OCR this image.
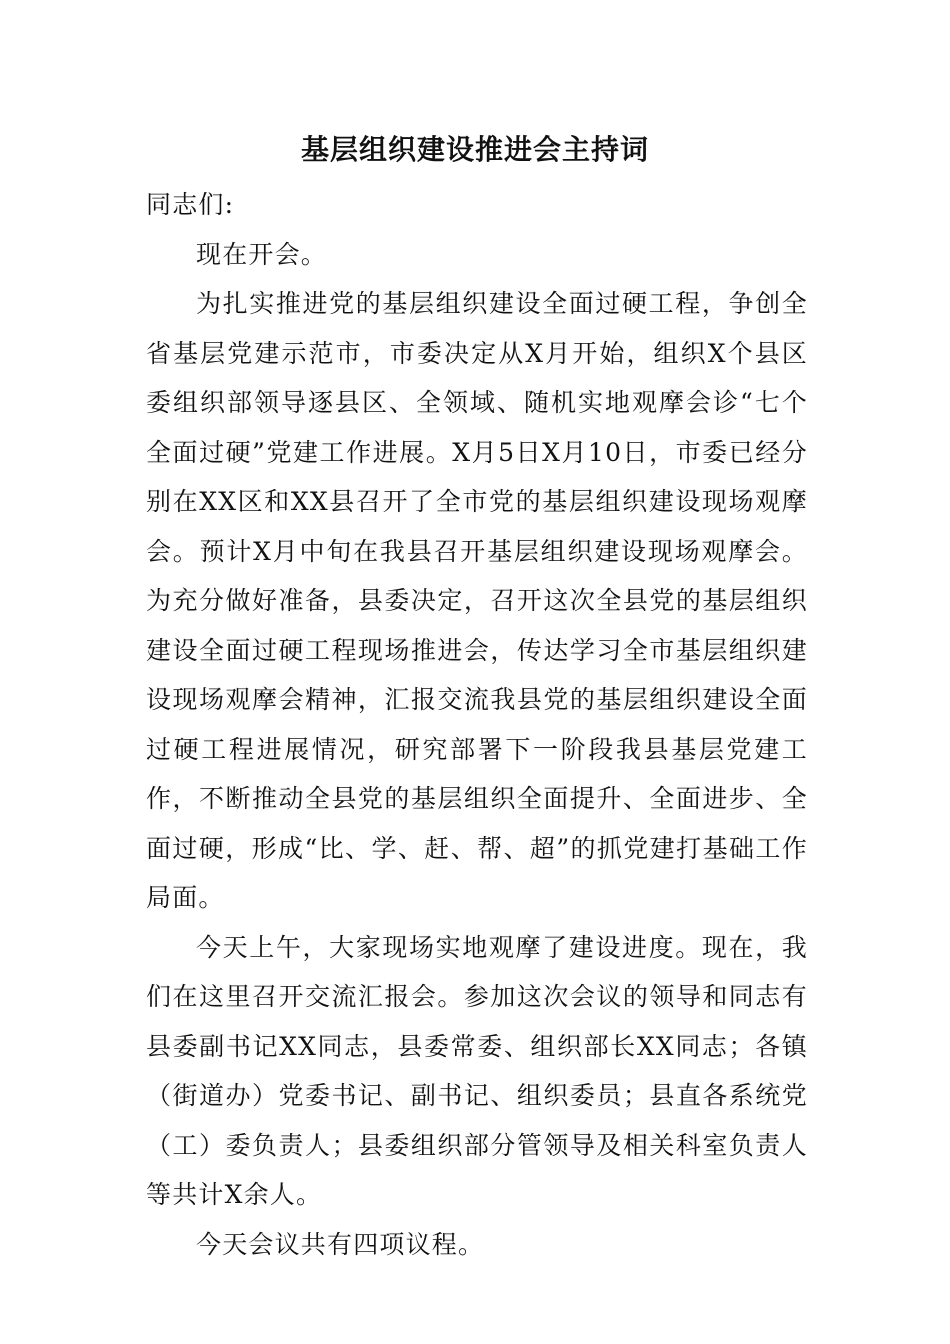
基层组织建设推进会主持词

同志们:

现在开会。

为扎实推进党的基层组织建设全面过硬工程，争创全省基层党建示范市，市委决定从X月开始，组织X个县区委组织部领导逐县区、全领域、随机实地观摩会诊“七个全面过硬”党建工作进展。X月5日X月10日，市委已经分别在XX区和XX县召开了全市党的基层组织建设现场观摩会。预计X月中旬在我县召开基层组织建设现场观摩会。为充分做好准备，县委决定，召开这次全县党的基层组织建设全面过硬工程现场推进会，传达学习全市基层组织建设现场观摩会精神，汇报交流我县党的基层组织建设全面过硬工程进展情况，研究部署下一阶段我县基层党建工作，不断推动全县党的基层组织全面提升、全面进步、全面过硬，形成“比、学、赶、帮、超”的抓党建打基础工作局面。

今天上午，大家现场实地观摩了建设进度。现在，我们在这里召开交流汇报会。参加这次会议的领导和同志有县委副书记XX同志，县委常委、组织部长XX同志；各镇（街道办）党委书记、副书记、组织委员；县直各系统党（工）委负责人；县委组织部分管领导及相关科室负责人等共计X余人。

今天会议共有四项议程。
